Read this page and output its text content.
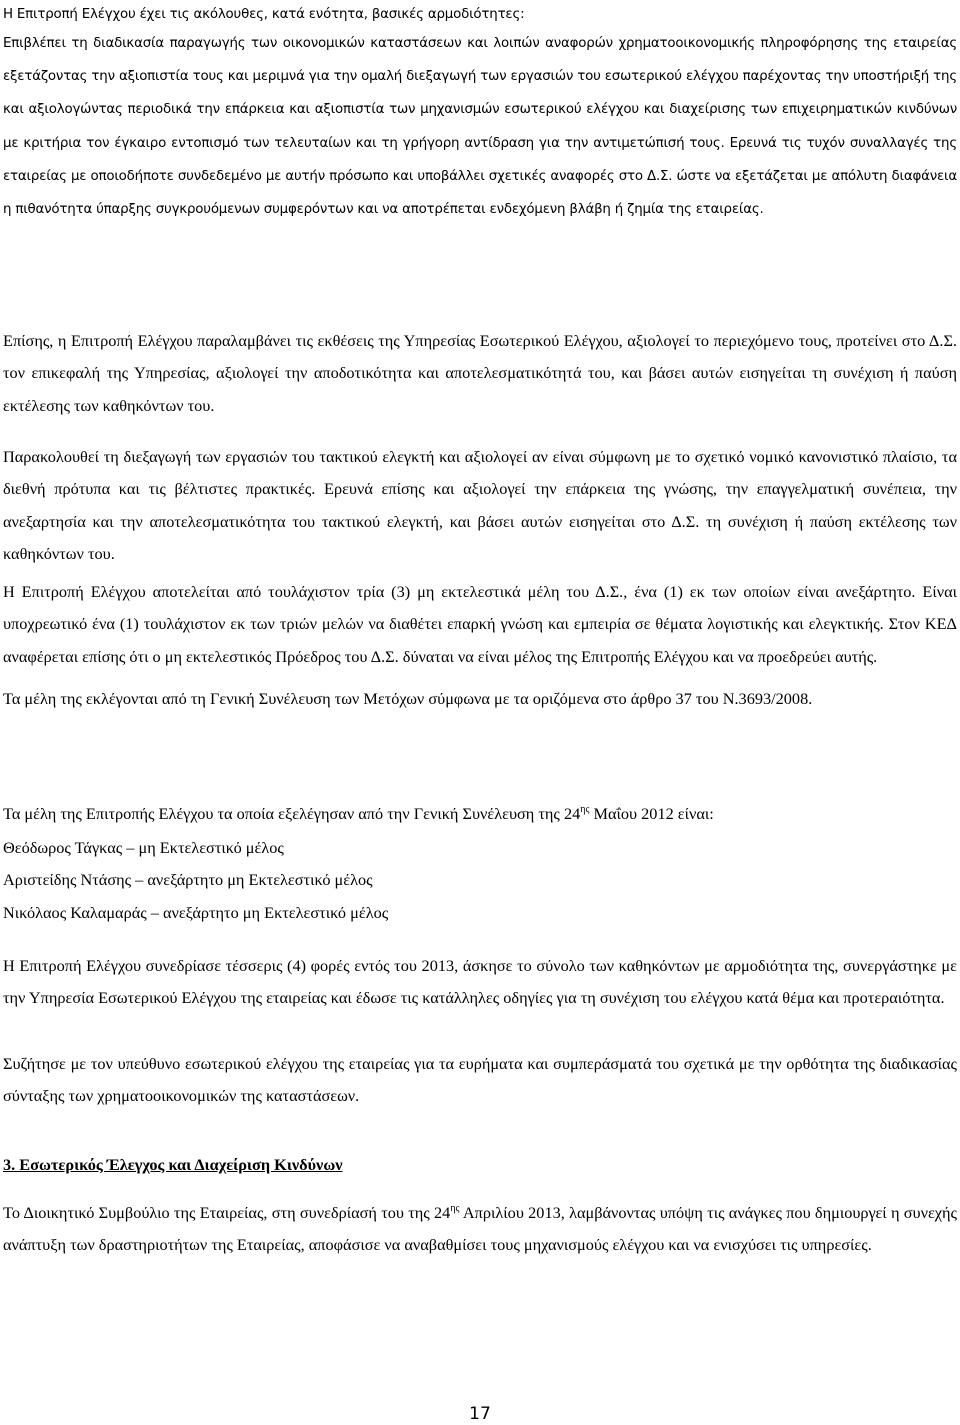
Η Επιτροπή Ελέγχου έχει τις ακόλουθες, κατά ενότητα, βασικές αρμοδιότητες:

Επιβλέπει τη διαδικασία παραγωγής των οικονομικών καταστάσεων και λοιπών αναφορών χρηματοοικονομικής πληροφόρησης της εταιρείας εξετάζοντας την αξιοπιστία τους και μεριμνά για την ομαλή διεξαγωγή των εργασιών του εσωτερικού ελέγχου παρέχοντας την υποστήριξή της και αξιολογώντας περιοδικά την επάρκεια και αξιοπιστία των μηχανισμών εσωτερικού ελέγχου και διαχείρισης των επιχειρηματικών κινδύνων με κριτήρια τον έγκαιρο εντοπισμό των τελευταίων και τη γρήγορη αντίδραση για την αντιμετώπισή τους. Ερευνά τις τυχόν συναλλαγές της εταιρείας με οποιοδήποτε συνδεδεμένο με αυτήν πρόσωπο και υποβάλλει σχετικές αναφορές στο Δ.Σ. ώστε να εξετάζεται με απόλυτη διαφάνεια η πιθανότητα ύπαρξης συγκρουόμενων συμφερόντων και να αποτρέπεται ενδεχόμενη βλάβη ή ζημία της εταιρείας.

Επίσης, η Επιτροπή Ελέγχου παραλαμβάνει τις εκθέσεις της Υπηρεσίας Εσωτερικού Ελέγχου, αξιολογεί το περιεχόμενο τους, προτείνει στο Δ.Σ. τον επικεφαλή της Υπηρεσίας, αξιολογεί την αποδοτικότητα και αποτελεσματικότητά του, και βάσει αυτών εισηγείται τη συνέχιση ή παύση εκτέλεσης των καθηκόντων του.

Παρακολουθεί τη διεξαγωγή των εργασιών του τακτικού ελεγκτή και αξιολογεί αν είναι σύμφωνη με το σχετικό νομικό κανονιστικό πλαίσιο, τα διεθνή πρότυπα και τις βέλτιστες πρακτικές. Ερευνά επίσης και αξιολογεί την επάρκεια της γνώσης, την επαγγελματική συνέπεια, την ανεξαρτησία και την αποτελεσματικότητα του τακτικού ελεγκτή, και βάσει αυτών εισηγείται στο Δ.Σ. τη συνέχιση ή παύση εκτέλεσης των καθηκόντων του.

Η Επιτροπή Ελέγχου αποτελείται από τουλάχιστον τρία (3) μη εκτελεστικά μέλη του Δ.Σ., ένα (1) εκ των οποίων είναι ανεξάρτητο. Είναι υποχρεωτικό ένα (1) τουλάχιστον εκ των τριών μελών να διαθέτει επαρκή γνώση και εμπειρία σε θέματα λογιστικής και ελεγκτικής. Στον ΚΕΔ αναφέρεται επίσης ότι ο μη εκτελεστικός Πρόεδρος του Δ.Σ. δύναται να είναι μέλος της Επιτροπής Ελέγχου και να προεδρεύει αυτής.

Τα μέλη της εκλέγονται από τη Γενική Συνέλευση των Μετόχων σύμφωνα με τα οριζόμενα στο άρθρο 37 του Ν.3693/2008.

Τα μέλη της Επιτροπής Ελέγχου τα οποία εξελέγησαν από την Γενική Συνέλευση της $24^{\eta\varsigma}$ Μαΐου 2012 είναι:

Θεόδωρος Τάγκας – μη Εκτελεστικό μέλος
Αριστείδης Ντάσης – ανεξάρτητο μη Εκτελεστικό μέλος
Νικόλαος Καλαμαράς – ανεξάρτητο μη Εκτελεστικό μέλος

Η Επιτροπή Ελέγχου συνεδρίασε τέσσερις (4) φορές εντός του 2013, άσκησε το σύνολο των καθηκόντων με αρμοδιότητα της, συνεργάστηκε με την Υπηρεσία Εσωτερικού Ελέγχου της εταιρείας και έδωσε τις κατάλληλες οδηγίες για τη συνέχιση του ελέγχου κατά θέμα και προτεραιότητα.

Συζήτησε με τον υπεύθυνο εσωτερικού ελέγχου της εταιρείας για τα ευρήματα και συμπεράσματά του σχετικά με την ορθότητα της διαδικασίας σύνταξης των χρηματοοικονομικών της καταστάσεων.

3. Εσωτερικός Έλεγχος και Διαχείριση Κινδύνων

Το Διοικητικό Συμβούλιο της Εταιρείας, στη συνεδρίασή του της $24^{\eta\varsigma}$ Απριλίου 2013, λαμβάνοντας υπόψη τις ανάγκες που δημιουργεί η συνεχής ανάπτυξη των δραστηριοτήτων της Εταιρείας, αποφάσισε να αναβαθμίσει τους μηχανισμούς ελέγχου και να ενισχύσει τις υπηρεσίες.

17
